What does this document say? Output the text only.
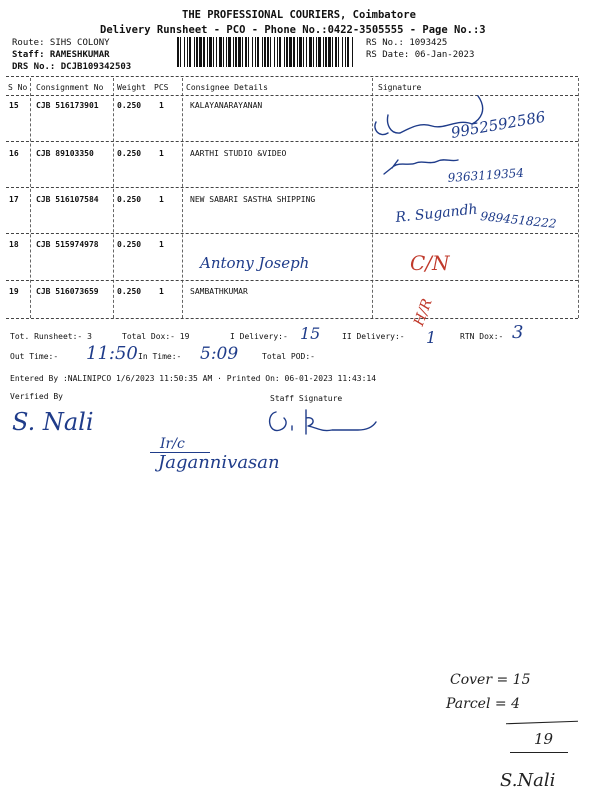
THE PROFESSIONAL COURIERS, Coimbatore
Delivery Runsheet - PCO - Phone No.:0422-3505555 - Page No.:3
Route: SIHS COLONY
Staff: RAMESHKUMAR
DRS No.: DCJB109342503
RS No.: 1093425
RS Date: 06-Jan-2023
S No Consignment No Weight PCS Consignee Details	Signature
15 CJB 516173901 0.250 1	KALAYANARAYANAN
16 CJB 89103350	0.250 1	AARTHI STUDIO &VIDEO
17 CJB 516107584 0.250 1	NEW SABARI SASTHA SHIPPING
18 CJB 515974978 0.250 1
19 CJB 516073659 0.250 1	SAMBATHKUMAR
9952592586
9363119354
R. Sugandh 9894518222
Antony Joseph	C/N
H/R
Tot. Runsheet:- 3	Total Dox:- 19	I Delivery:- 15	II Delivery:- 1	RTN Dox:- 3
Out Time:- 11:50 In Time:- 5:09	Total POD:-
Entered By :NALINIPCO 1/6/2023 11:50:35 AM · Printed On: 06-01-2023 11:43:14
Verified By	Staff Signature
S. Nali
Ir/c
Jagannivasan
Cover = 15
Parcel = 4
19
S.Nali
